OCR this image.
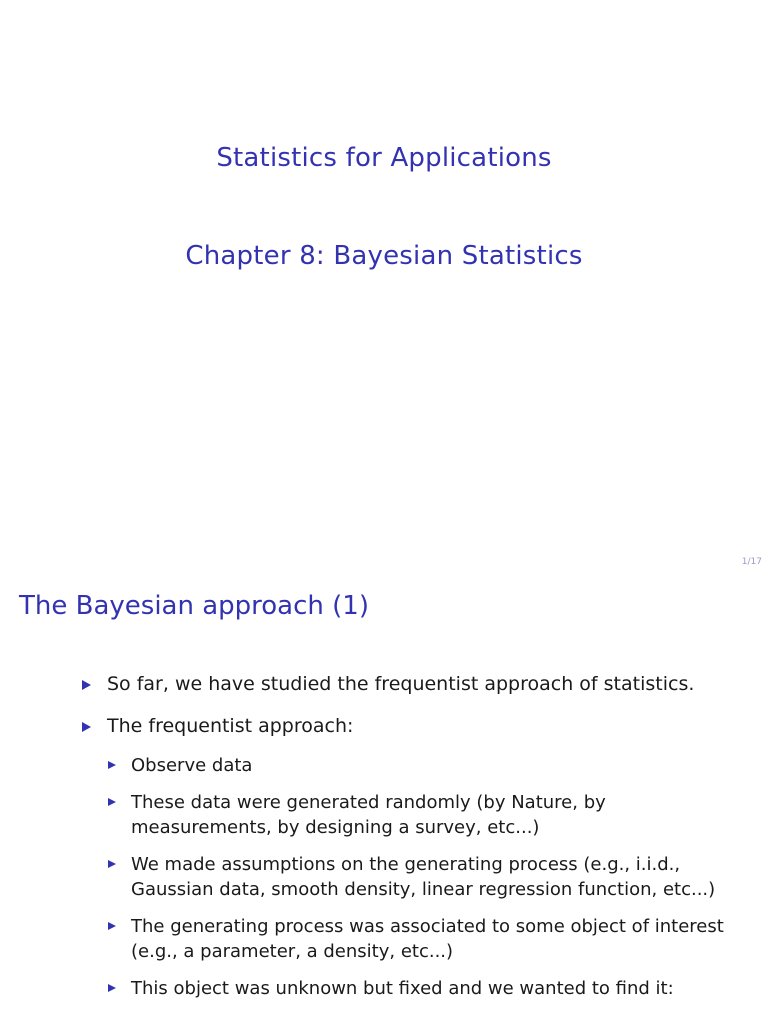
Statistics for Applications
Chapter 8: Bayesian Statistics
1/17
The Bayesian approach (1)
So far, we have studied the frequentist approach of statistics.
The frequentist approach:
Observe data
These data were generated randomly (by Nature, by measurements, by designing a survey, etc...)
We made assumptions on the generating process (e.g., i.i.d., Gaussian data, smooth density, linear regression function, etc...)
The generating process was associated to some object of interest (e.g., a parameter, a density, etc...)
This object was unknown but fixed and we wanted to find it:
